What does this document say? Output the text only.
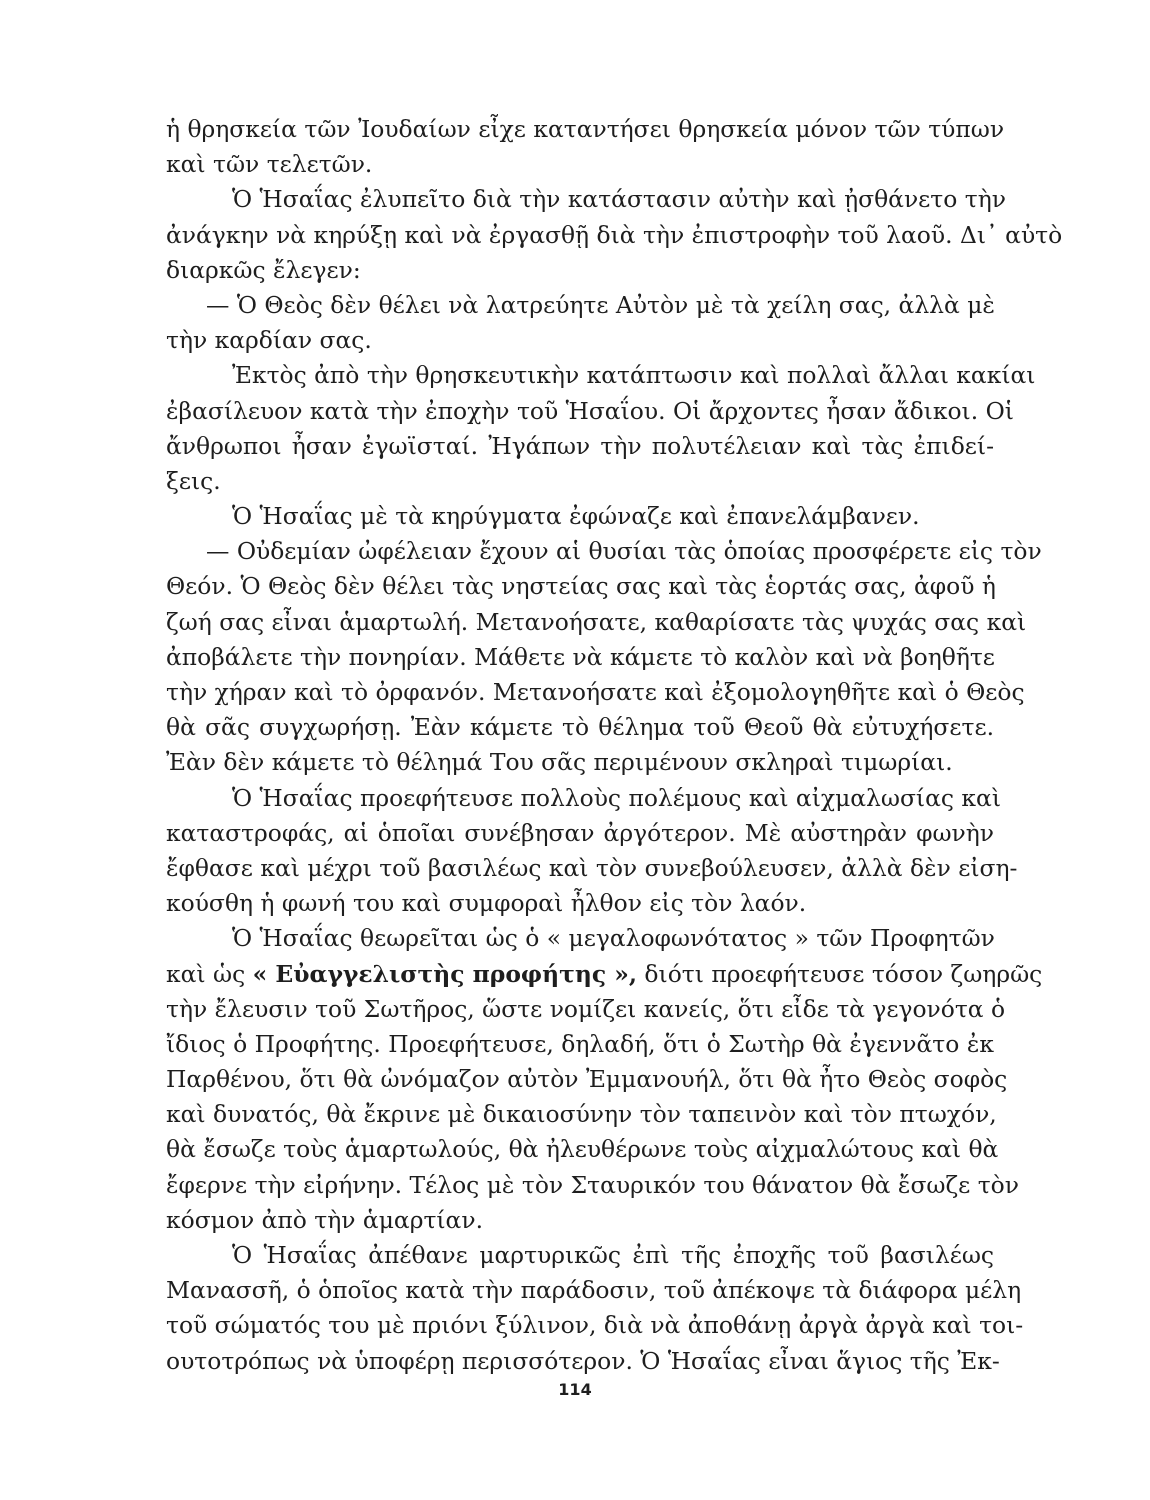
ἡ θρησκεία τῶν Ἰουδαίων εἶχε καταντήσει θρησκεία μόνον τῶν τύπων
καὶ τῶν τελετῶν.
Ὁ Ἡσαΐας ἐλυπεῖτο διὰ τὴν κατάστασιν αὐτὴν καὶ ᾐσθάνετο τὴν
ἀνάγκην νὰ κηρύξῃ καὶ νὰ ἐργασθῇ διὰ τὴν ἐπιστροφὴν τοῦ λαοῦ. Δι᾽ αὐτὸ
διαρκῶς ἔλεγεν:
— Ὁ Θεὸς δὲν θέλει νὰ λατρεύητε Αὐτὸν μὲ τὰ χείλη σας, ἀλλὰ μὲ
τὴν καρδίαν σας.
Ἐκτὸς ἀπὸ τὴν θρησκευτικὴν κατάπτωσιν καὶ πολλαὶ ἄλλαι κακίαι
ἐβασίλευον κατὰ τὴν ἐποχὴν τοῦ Ἡσαΐου. Οἱ ἄρχοντες ἦσαν ἄδικοι. Οἱ
ἄνθρωποι ἦσαν ἐγωϊσταί. Ἠγάπων τὴν πολυτέλειαν καὶ τὰς ἐπιδεί-
ξεις.
Ὁ Ἡσαΐας μὲ τὰ κηρύγματα ἐφώναζε καὶ ἐπανελάμβανεν.
— Οὐδεμίαν ὠφέλειαν ἔχουν αἱ θυσίαι τὰς ὁποίας προσφέρετε εἰς τὸν
Θεόν. Ὁ Θεὸς δὲν θέλει τὰς νηστείας σας καὶ τὰς ἑορτάς σας, ἀφοῦ ἡ
ζωή σας εἶναι ἁμαρτωλή. Μετανοήσατε, καθαρίσατε τὰς ψυχάς σας καὶ
ἀποβάλετε τὴν πονηρίαν. Μάθετε νὰ κάμετε τὸ καλὸν καὶ νὰ βοηθῆτε
τὴν χήραν καὶ τὸ ὀρφανόν. Μετανοήσατε καὶ ἐξομολογηθῆτε καὶ ὁ Θεὸς
θὰ σᾶς συγχωρήσῃ. Ἐὰν κάμετε τὸ θέλημα τοῦ Θεοῦ θὰ εὐτυχήσετε.
Ἐὰν δὲν κάμετε τὸ θέλημά Του σᾶς περιμένουν σκληραὶ τιμωρίαι.
Ὁ Ἡσαΐας προεφήτευσε πολλοὺς πολέμους καὶ αἰχμαλωσίας καὶ
καταστροφάς, αἱ ὁποῖαι συνέβησαν ἀργότερον. Μὲ αὐστηρὰν φωνὴν
ἔφθασε καὶ μέχρι τοῦ βασιλέως καὶ τὸν συνεβούλευσεν, ἀλλὰ δὲν εἰση-
κούσθη ἡ φωνή του καὶ συμφοραὶ ἦλθον εἰς τὸν λαόν.
Ὁ Ἡσαΐας θεωρεῖται ὡς ὁ « μεγαλοφωνότατος » τῶν Προφητῶν
καὶ ὡς « Εὐαγγελιστὴς προφήτης », διότι προεφήτευσε τόσον ζωηρῶς
τὴν ἔλευσιν τοῦ Σωτῆρος, ὥστε νομίζει κανείς, ὅτι εἶδε τὰ γεγονότα ὁ
ἴδιος ὁ Προφήτης. Προεφήτευσε, δηλαδή, ὅτι ὁ Σωτὴρ θὰ ἐγεννᾶτο ἐκ
Παρθένου, ὅτι θὰ ὠνόμαζον αὐτὸν Ἐμμανουήλ, ὅτι θὰ ἦτο Θεὸς σοφὸς
καὶ δυνατός, θὰ ἔκρινε μὲ δικαιοσύνην τὸν ταπεινὸν καὶ τὸν πτωχόν,
θὰ ἔσωζε τοὺς ἁμαρτωλούς, θὰ ἠλευθέρωνε τοὺς αἰχμαλώτους καὶ θὰ
ἔφερνε τὴν εἰρήνην. Τέλος μὲ τὸν Σταυρικόν του θάνατον θὰ ἔσωζε τὸν
κόσμον ἀπὸ τὴν ἁμαρτίαν.
Ὁ Ἡσαΐας ἀπέθανε μαρτυρικῶς ἐπὶ τῆς ἐποχῆς τοῦ βασιλέως
Μανασσῆ, ὁ ὁποῖος κατὰ τὴν παράδοσιν, τοῦ ἀπέκοψε τὰ διάφορα μέλη
τοῦ σώματός του μὲ πριόνι ξύλινον, διὰ νὰ ἀποθάνῃ ἀργὰ ἀργὰ καὶ τοι-
ουτοτρόπως νὰ ὑποφέρῃ περισσότερον. Ὁ Ἡσαΐας εἶναι ἅγιος τῆς Ἐκ-
114
